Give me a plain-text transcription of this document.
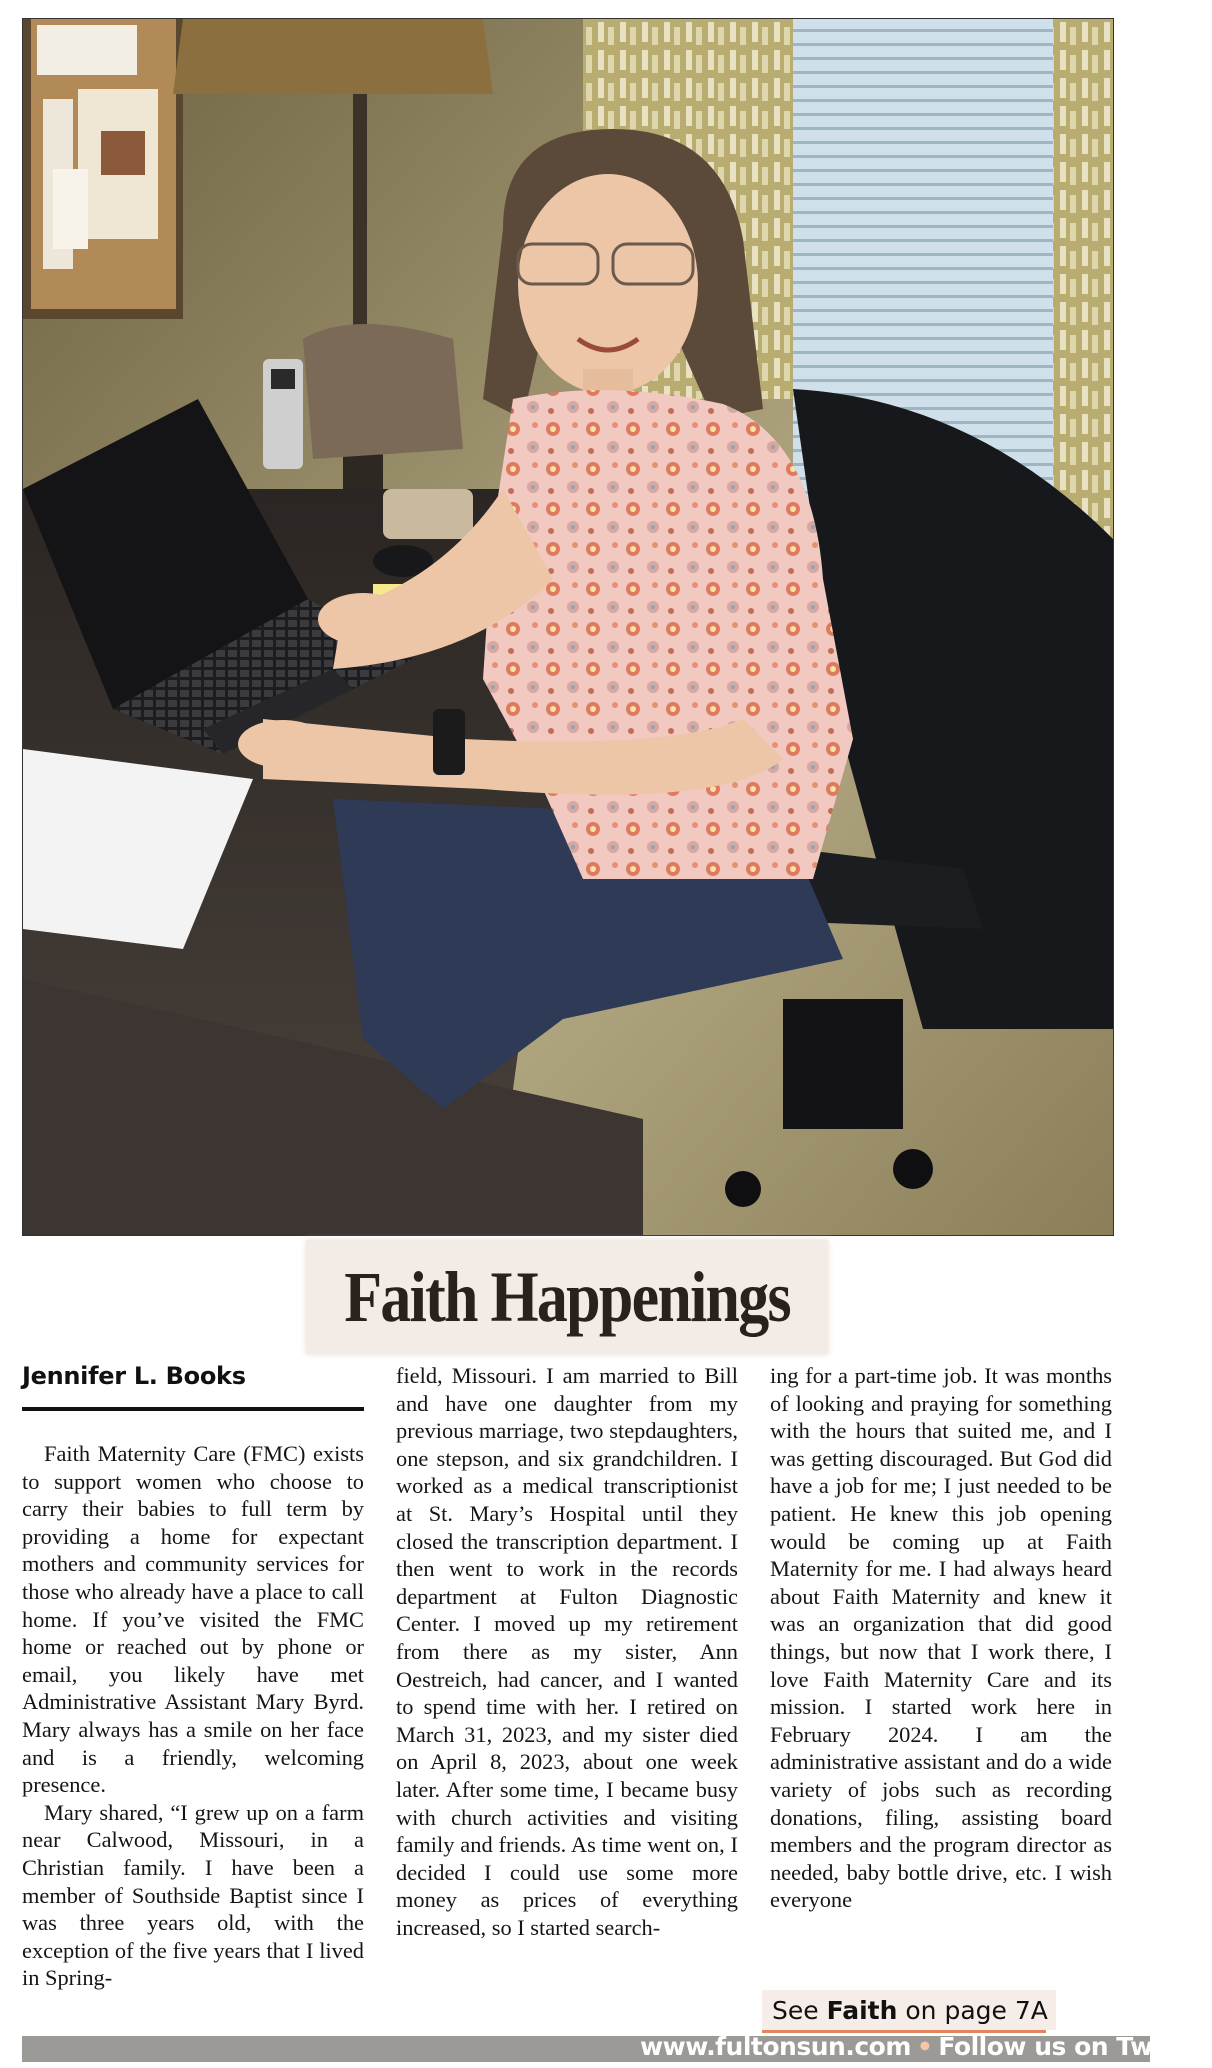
Faith Happenings
Jennifer L. Books

Faith Maternity Care (FMC) exists to support women who choose to carry their babies to full term by providing a home for expectant mothers and community services for those who already have a place to call home. If you’ve visited the FMC home or reached out by phone or email, you likely have met Administrative Assistant Mary Byrd. Mary always has a smile on her face and is a friendly, welcoming presence.

Mary shared, “I grew up on a farm near Calwood, Missouri, in a Christian family. I have been a member of Southside Baptist since I was three years old, with the exception of the five years that I lived in Spring-

field, Missouri. I am married to Bill and have one daughter from my previous marriage, two stepdaughters, one stepson, and six grandchildren. I worked as a medical transcriptionist at St. Mary’s Hospital until they closed the transcription department. I then went to work in the records department at Fulton Diagnostic Center. I moved up my retirement from there as my sister, Ann Oestreich, had cancer, and I wanted to spend time with her. I retired on March 31, 2023, and my sister died on April 8, 2023, about one week later. After some time, I became busy with church activities and visiting family and friends. As time went on, I decided I could use some more money as prices of everything increased, so I started search-

ing for a part-time job. It was months of looking and praying for something with the hours that suited me, and I was getting discouraged. But God did have a job for me; I just needed to be patient. He knew this job opening would be coming up at Faith Maternity for me. I had always heard about Faith Maternity and knew it was an organization that did good things, but now that I work there, I love Faith Maternity Care and its mission. I started work here in February 2024. I am the administrative assistant and do a wide variety of jobs such as recording donations, filing, assisting board members and the program director as needed, baby bottle drive, etc. I wish everyone

See
Faith
on page 7A
www.fultonsun.com • Follow us on Twitter
